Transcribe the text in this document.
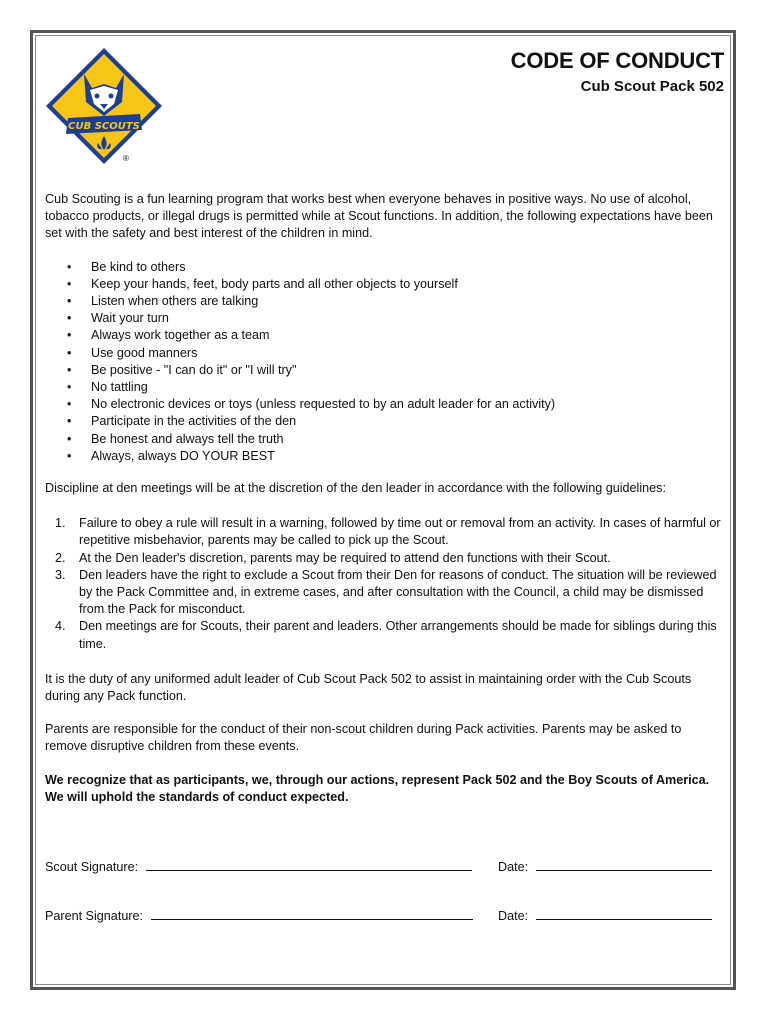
CUB SCOUTS
®
CODE OF CONDUCT
Cub Scout Pack 502

Cub Scouting is a fun learning program that works best when everyone behaves in positive ways. No use of alcohol, tobacco products, or illegal drugs is permitted while at Scout functions. In addition, the following expectations have been set with the safety and best interest of the children in mind.

• Be kind to others
• Keep your hands, feet, body parts and all other objects to yourself
• Listen when others are talking
• Wait your turn
• Always work together as a team
• Use good manners
• Be positive - "I can do it" or "I will try"
• No tattling
• No electronic devices or toys (unless requested to by an adult leader for an activity)
• Participate in the activities of the den
• Be honest and always tell the truth
• Always, always DO YOUR BEST

Discipline at den meetings will be at the discretion of the den leader in accordance with the following guidelines:

1. Failure to obey a rule will result in a warning, followed by time out or removal from an activity. In cases of harmful or repetitive misbehavior, parents may be called to pick up the Scout.
2. At the Den leader's discretion, parents may be required to attend den functions with their Scout.
3. Den leaders have the right to exclude a Scout from their Den for reasons of conduct. The situation will be reviewed by the Pack Committee and, in extreme cases, and after consultation with the Council, a child may be dismissed from the Pack for misconduct.
4. Den meetings are for Scouts, their parent and leaders. Other arrangements should be made for siblings during this time.

It is the duty of any uniformed adult leader of Cub Scout Pack 502 to assist in maintaining order with the Cub Scouts during any Pack function.

Parents are responsible for the conduct of their non-scout children during Pack activities. Parents may be asked to remove disruptive children from these events.

We recognize that as participants, we, through our actions, represent Pack 502 and the Boy Scouts of America. We will uphold the standards of conduct expected.

Scout Signature:	Date:
Parent Signature:	Date:
